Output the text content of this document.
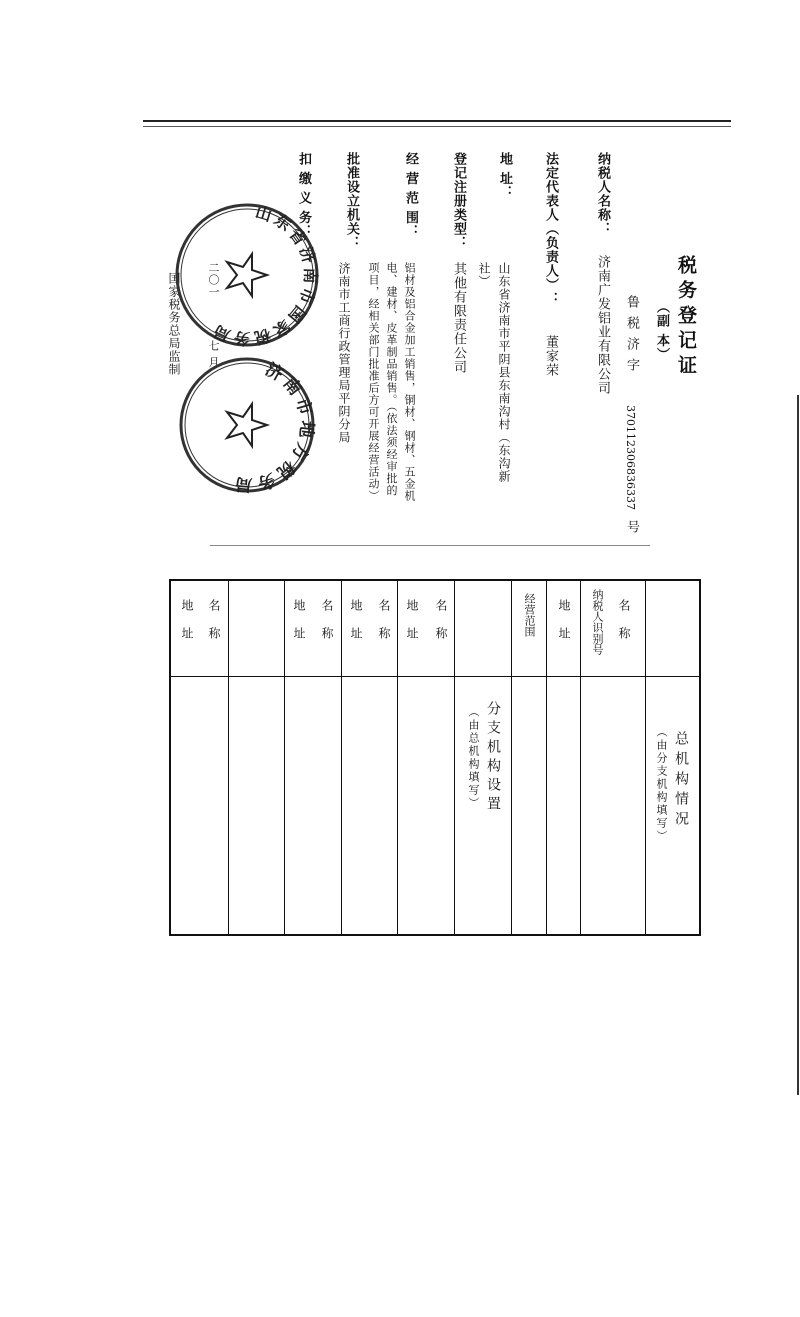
税务登记证
（副 本）
鲁税济字
370112306836337
号
纳税人名称：
济南广发铝业有限公司
法定代表人（负责人）：
董家荣
地 址：
山东省济南市平阴县东南沟村（东沟新
社）
登记注册类型：
其他有限责任公司
经 营 范 围：
铝材及铝合金加工销售，铜材、钢材、五金机
电、建材、皮革制品销售。（依法须经审批的
项目，经相关部门批准后方可开展经营活动）
批准设立机关：
济南市工商行政管理局平阴分局
扣 缴 义 务：
二〇一
七 月
国家税务总局监制
山东省济南市国家税务局
济南市地方税务局
总机构情况
（由分支机构填写）
名　称
纳税人识别号
地　址
经营范围
分支机构设置
（由总机构填写）
名　称
地　址
名　称
地　址
名　称
地　址
名　称
地　址
